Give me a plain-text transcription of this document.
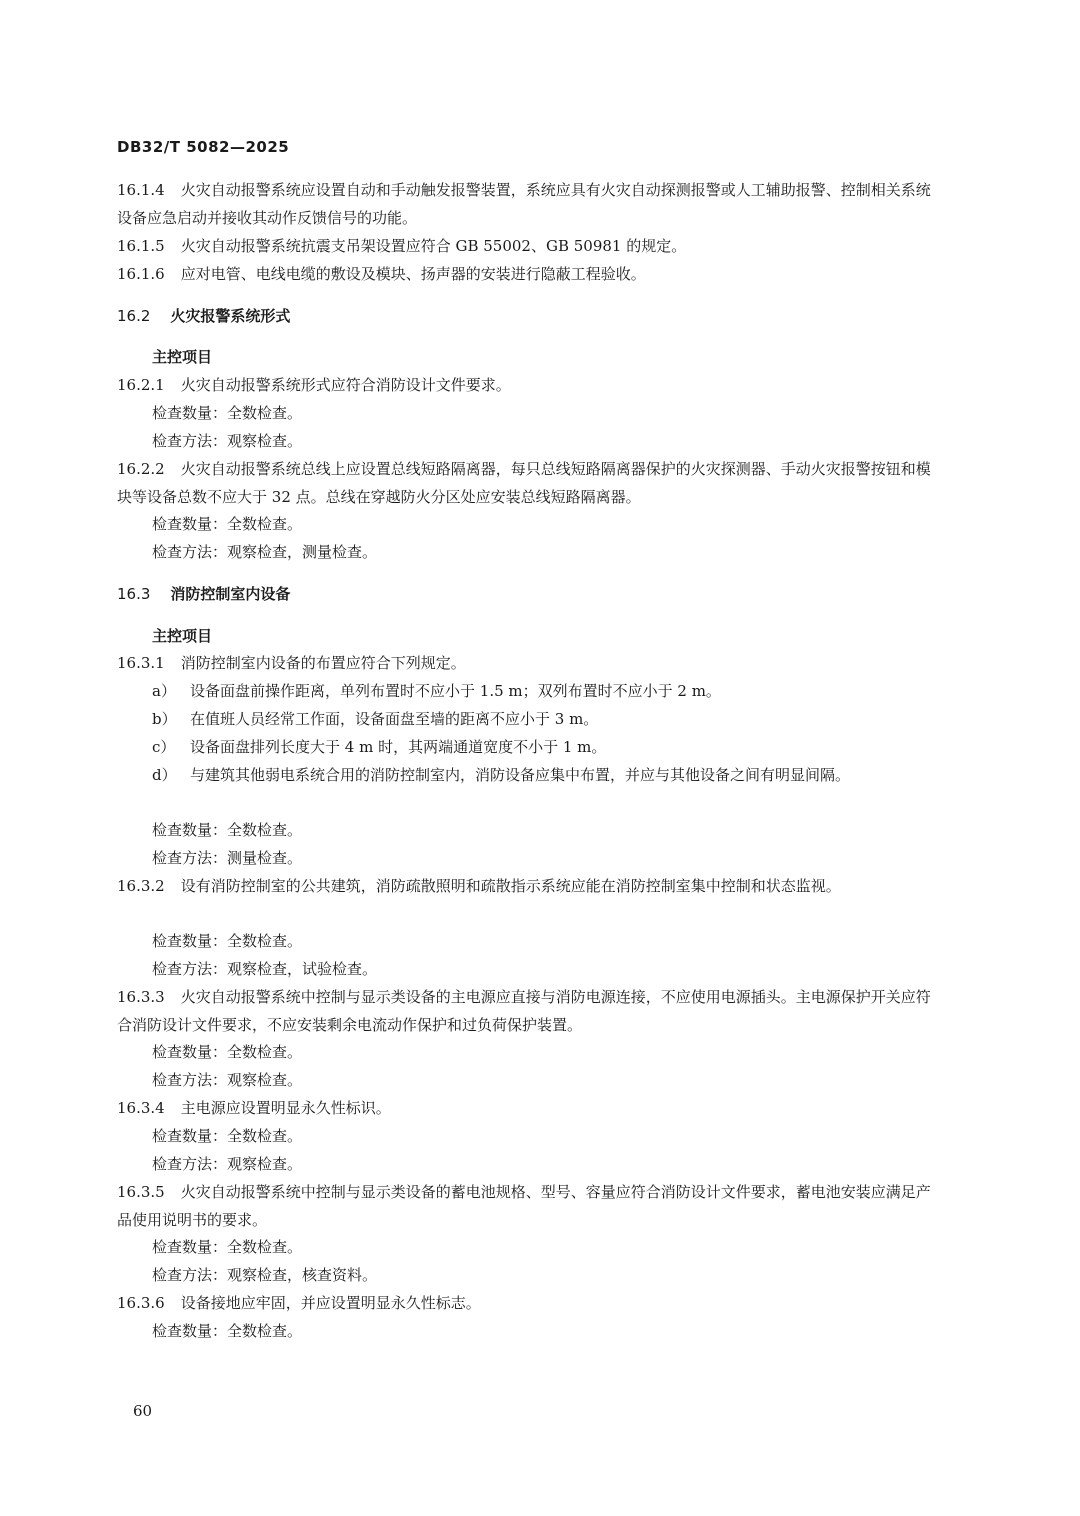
DB32/T 5082—2025
16.1.4 火灾自动报警系统应设置自动和手动触发报警装置，系统应具有火灾自动探测报警或人工辅助报警、控制相关系统设备应急启动并接收其动作反馈信号的功能。
16.1.5 火灾自动报警系统抗震支吊架设置应符合 GB 55002、GB 50981 的规定。
16.1.6 应对电管、电线电缆的敷设及模块、扬声器的安装进行隐蔽工程验收。
16.2 火灾报警系统形式
主控项目
16.2.1 火灾自动报警系统形式应符合消防设计文件要求。
检查数量：全数检查。
检查方法：观察检查。
16.2.2 火灾自动报警系统总线上应设置总线短路隔离器，每只总线短路隔离器保护的火灾探测器、手动火灾报警按钮和模块等设备总数不应大于 32 点。总线在穿越防火分区处应安装总线短路隔离器。
检查数量：全数检查。
检查方法：观察检查，测量检查。
16.3 消防控制室内设备
主控项目
16.3.1 消防控制室内设备的布置应符合下列规定。
a） 设备面盘前操作距离，单列布置时不应小于 1.5 m；双列布置时不应小于 2 m。
b） 在值班人员经常工作面，设备面盘至墙的距离不应小于 3 m。
c） 设备面盘排列长度大于 4 m 时，其两端通道宽度不小于 1 m。
d） 与建筑其他弱电系统合用的消防控制室内，消防设备应集中布置，并应与其他设备之间有明显间隔。
检查数量：全数检查。
检查方法：测量检查。
16.3.2 设有消防控制室的公共建筑，消防疏散照明和疏散指示系统应能在消防控制室集中控制和状态监视。
检查数量：全数检查。
检查方法：观察检查，试验检查。
16.3.3 火灾自动报警系统中控制与显示类设备的主电源应直接与消防电源连接，不应使用电源插头。主电源保护开关应符合消防设计文件要求，不应安装剩余电流动作保护和过负荷保护装置。
检查数量：全数检查。
检查方法：观察检查。
16.3.4 主电源应设置明显永久性标识。
检查数量：全数检查。
检查方法：观察检查。
16.3.5 火灾自动报警系统中控制与显示类设备的蓄电池规格、型号、容量应符合消防设计文件要求，蓄电池安装应满足产品使用说明书的要求。
检查数量：全数检查。
检查方法：观察检查，核查资料。
16.3.6 设备接地应牢固，并应设置明显永久性标志。
检查数量：全数检查。
60
